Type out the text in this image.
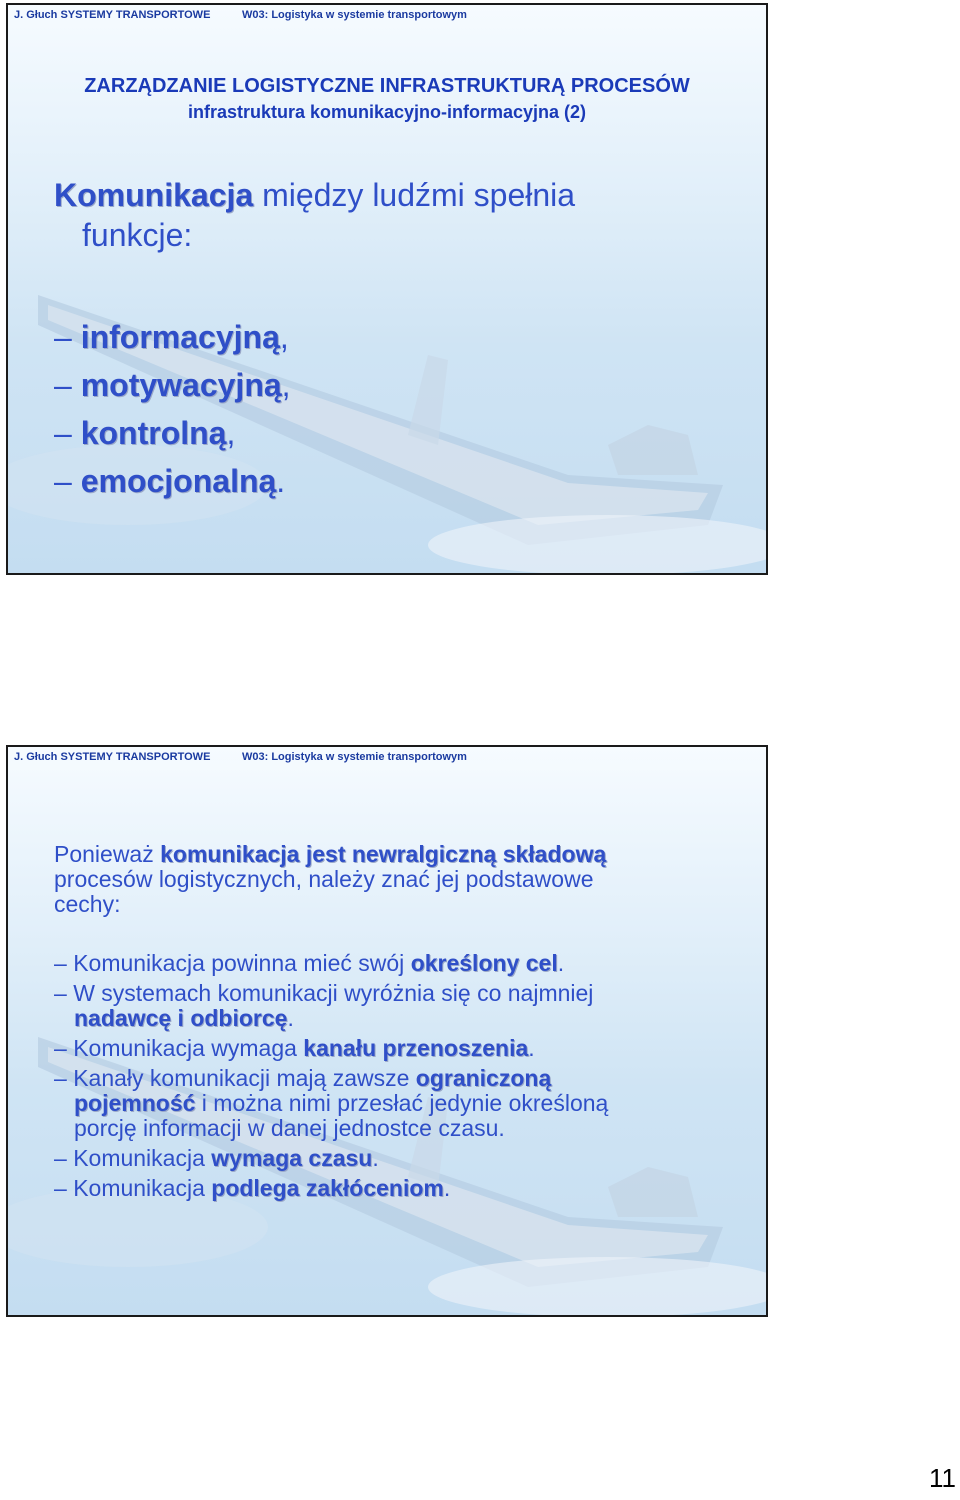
J. Głuch SYSTEMY TRANSPORTOWE	W03: Logistyka w systemie transportowym
ZARZĄDZANIE LOGISTYCZNE INFRASTRUKTURĄ PROCESÓW
infrastruktura komunikacyjno-informacyjna (2)
Komunikacja między ludźmi spełnia
funkcje:
– informacyjną,
– motywacyjną,
– kontrolną,
– emocjonalną.
J. Głuch SYSTEMY TRANSPORTOWE	W03: Logistyka w systemie transportowym
Ponieważ komunikacja jest newralgiczną składową
procesów logistycznych, należy znać jej podstawowe
cechy:
– Komunikacja powinna mieć swój określony cel.
– W systemach komunikacji wyróżnia się co najmniej
nadawcę i odbiorcę.
– Komunikacja wymaga kanału przenoszenia.
– Kanały komunikacji mają zawsze ograniczoną
pojemność i można nimi przesłać jedynie określoną
porcję informacji w danej jednostce czasu.
– Komunikacja wymaga czasu.
– Komunikacja podlega zakłóceniom.
11
